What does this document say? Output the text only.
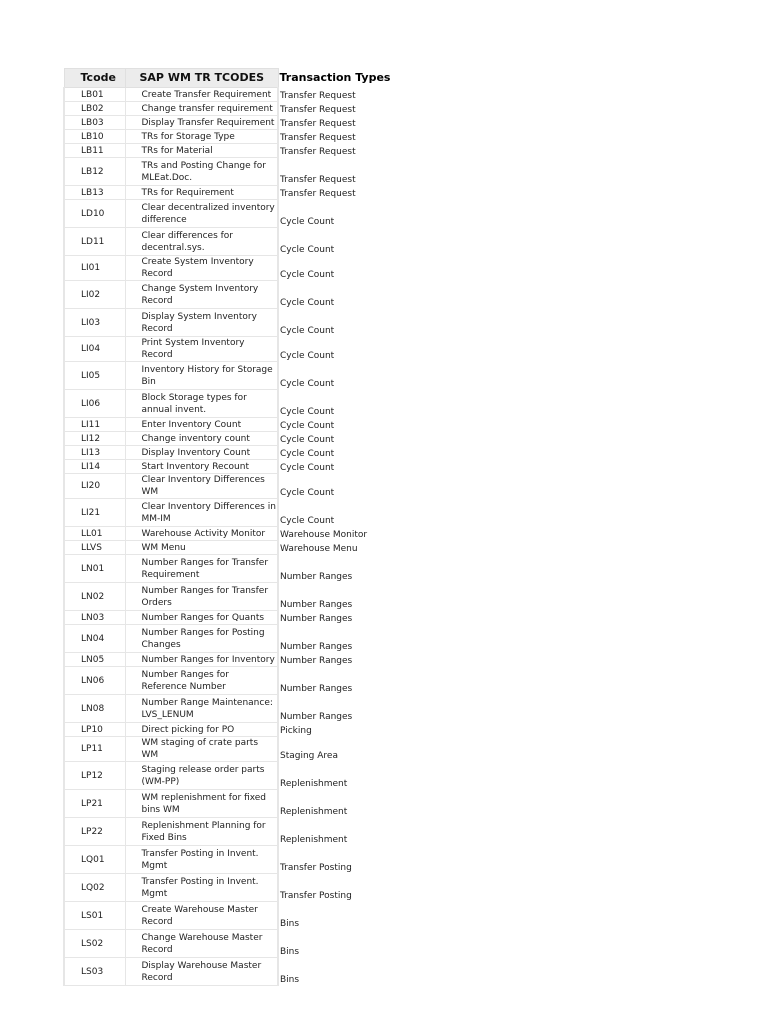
Tcode	SAP WM TR TCODES	Transaction Types
LB01	Create Transfer Requirement	Transfer Request
LB02	Change transfer requirement	Transfer Request
LB03	Display Transfer Requirement	Transfer Request
LB10	TRs for Storage Type	Transfer Request
LB11	TRs for Material	Transfer Request
LB12	TRs and Posting Change for MLEat.Doc.	Transfer Request
LB13	TRs for Requirement	Transfer Request
LD10	Clear decentralized inventory difference	Cycle Count
LD11	Clear differences for decentral.sys.	Cycle Count
LI01	Create System Inventory Record	Cycle Count
LI02	Change System Inventory Record	Cycle Count
LI03	Display System Inventory Record	Cycle Count
LI04	Print System Inventory Record	Cycle Count
LI05	Inventory History for Storage Bin	Cycle Count
LI06	Block Storage types for annual invent.	Cycle Count
LI11	Enter Inventory Count	Cycle Count
LI12	Change inventory count	Cycle Count
LI13	Display Inventory Count	Cycle Count
LI14	Start Inventory Recount	Cycle Count
LI20	Clear Inventory Differences WM	Cycle Count
LI21	Clear Inventory Differences in MM-IM	Cycle Count
LL01	Warehouse Activity Monitor	Warehouse Monitor
LLVS	WM Menu	Warehouse Menu
LN01	Number Ranges for Transfer Requirement	Number Ranges
LN02	Number Ranges for Transfer Orders	Number Ranges
LN03	Number Ranges for Quants	Number Ranges
LN04	Number Ranges for Posting Changes	Number Ranges
LN05	Number Ranges for Inventory	Number Ranges
LN06	Number Ranges for Reference Number	Number Ranges
LN08	Number Range Maintenance: LVS_LENUM	Number Ranges
LP10	Direct picking for PO	Picking
LP11	WM staging of crate parts WM	Staging Area
LP12	Staging release order parts (WM-PP)	Replenishment
LP21	WM replenishment for fixed bins WM	Replenishment
LP22	Replenishment Planning for Fixed Bins	Replenishment
LQ01	Transfer Posting in Invent. Mgmt	Transfer Posting
LQ02	Transfer Posting in Invent. Mgmt	Transfer Posting
LS01	Create Warehouse Master Record	Bins
LS02	Change Warehouse Master Record	Bins
LS03	Display Warehouse Master Record	Bins
